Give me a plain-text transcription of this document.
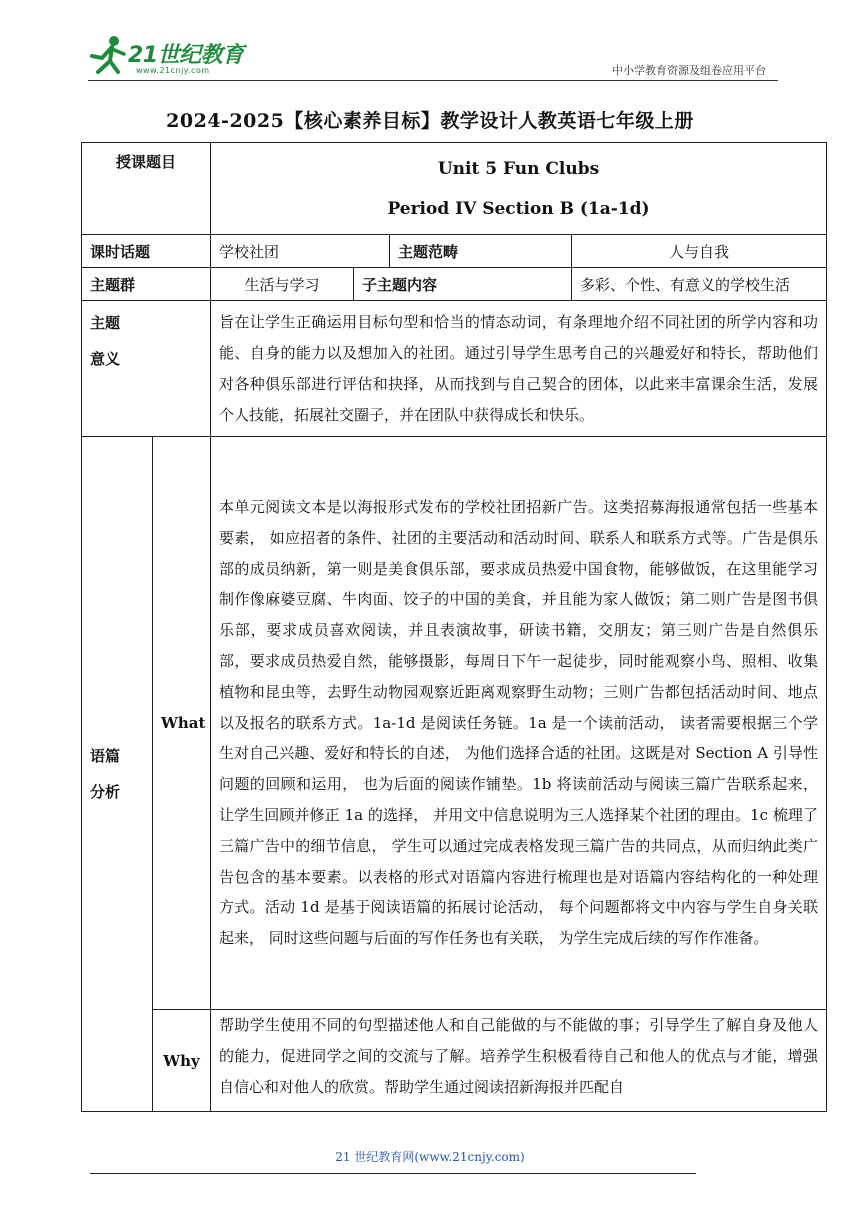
21世纪教育
www.21cnjy.com	中小学教育资源及组卷应用平台
2024-2025【核心素养目标】教学设计人教英语七年级上册
授课题目		Unit 5 Fun Clubs
Period IV Section B (1a-1d)			

课时话题		学校社团		主题范畴	人与自我
主题群		生活与学习	子主题内容		多彩、个性、有意义的学校生活

主题
意义		旨在让学生正确运用目标句型和恰当的情态动词，有条理地介绍不同社团的所学内容和功能、自身的能力以及想加入的社团。通过引导学生思考自己的兴趣爱好和特长，帮助他们对各种俱乐部进行评估和抉择，从而找到与自己契合的团体，以此来丰富课余生活，发展个人技能，拓展社交圈子，并在团队中获得成长和快乐。			

语篇
分析	What	本单元阅读文本是以海报形式发布的学校社团招新广告。这类招募海报通常包括一些基本要素， 如应招者的条件、社团的主要活动和活动时间、联系人和联系方式等。广告是俱乐部的成员纳新，第一则是美食俱乐部，要求成员热爱中国食物，能够做饭，在这里能学习制作像麻婆豆腐、牛肉面、饺子的中国的美食，并且能为家人做饭；第二则广告是图书俱乐部，要求成员喜欢阅读，并且表演故事，研读书籍，交朋友；第三则广告是自然俱乐部，要求成员热爱自然，能够摄影，每周日下午一起徒步，同时能观察小鸟、照相、收集植物和昆虫等，去野生动物园观察近距离观察野生动物；三则广告都包括活动时间、地点以及报名的联系方式。1a-1d 是阅读任务链。1a 是一个读前活动， 读者需要根据三个学生对自己兴趣、爱好和特长的自述， 为他们选择合适的社团。这既是对 Section A 引导性问题的回顾和运用， 也为后面的阅读作铺垫。1b 将读前活动与阅读三篇广告联系起来， 让学生回顾并修正 1a 的选择， 并用文中信息说明为三人选择某个社团的理由。1c 梳理了三篇广告中的细节信息， 学生可以通过完成表格发现三篇广告的共同点，从而归纳此类广告包含的基本要素。以表格的形式对语篇内容进行梳理也是对语篇内容结构化的一种处理方式。活动 1d 是基于阅读语篇的拓展讨论活动， 每个问题都将文中内容与学生自身关联起来， 同时这些问题与后面的写作任务也有关联， 为学生完成后续的写作作准备。			
	Why	帮助学生使用不同的句型描述他人和自己能做的与不能做的事；引导学生了解自身及他人的能力，促进同学之间的交流与了解。培养学生积极看待自己和他人的优点与才能，增强自信心和对他人的欣赏。帮助学生通过阅读招新海报并匹配自			
21 世纪教育网(www.21cnjy.com)
